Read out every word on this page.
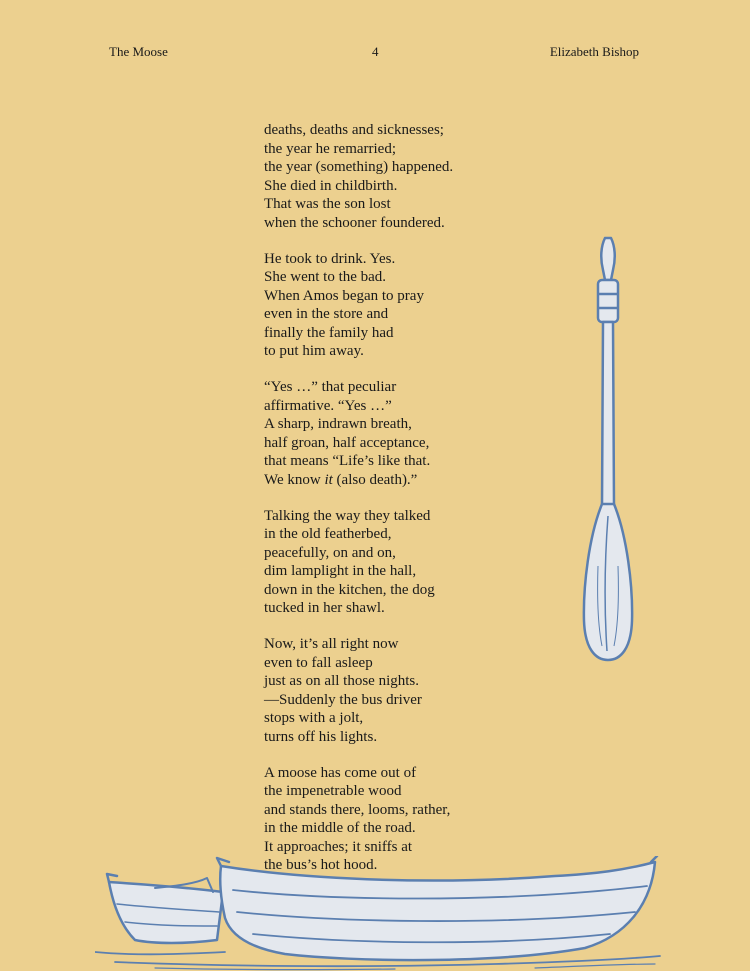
The Moose	4	Elizabeth Bishop
deaths, deaths and sicknesses;
the year he remarried;
the year (something) happened.
She died in childbirth.
That was the son lost
when the schooner foundered.
He took to drink. Yes.
She went to the bad.
When Amos began to pray
even in the store and
finally the family had
to put him away.
“Yes …” that peculiar
affirmative. “Yes …”
A sharp, indrawn breath,
half groan, half acceptance,
that means “Life’s like that.
We know it (also death).”
Talking the way they talked
in the old featherbed,
peacefully, on and on,
dim lamplight in the hall,
down in the kitchen, the dog
tucked in her shawl.
Now, it’s all right now
even to fall asleep
just as on all those nights.
—Suddenly the bus driver
stops with a jolt,
turns off his lights.
A moose has come out of
the impenetrable wood
and stands there, looms, rather,
in the middle of the road.
It approaches; it sniffs at
the bus’s hot hood.
